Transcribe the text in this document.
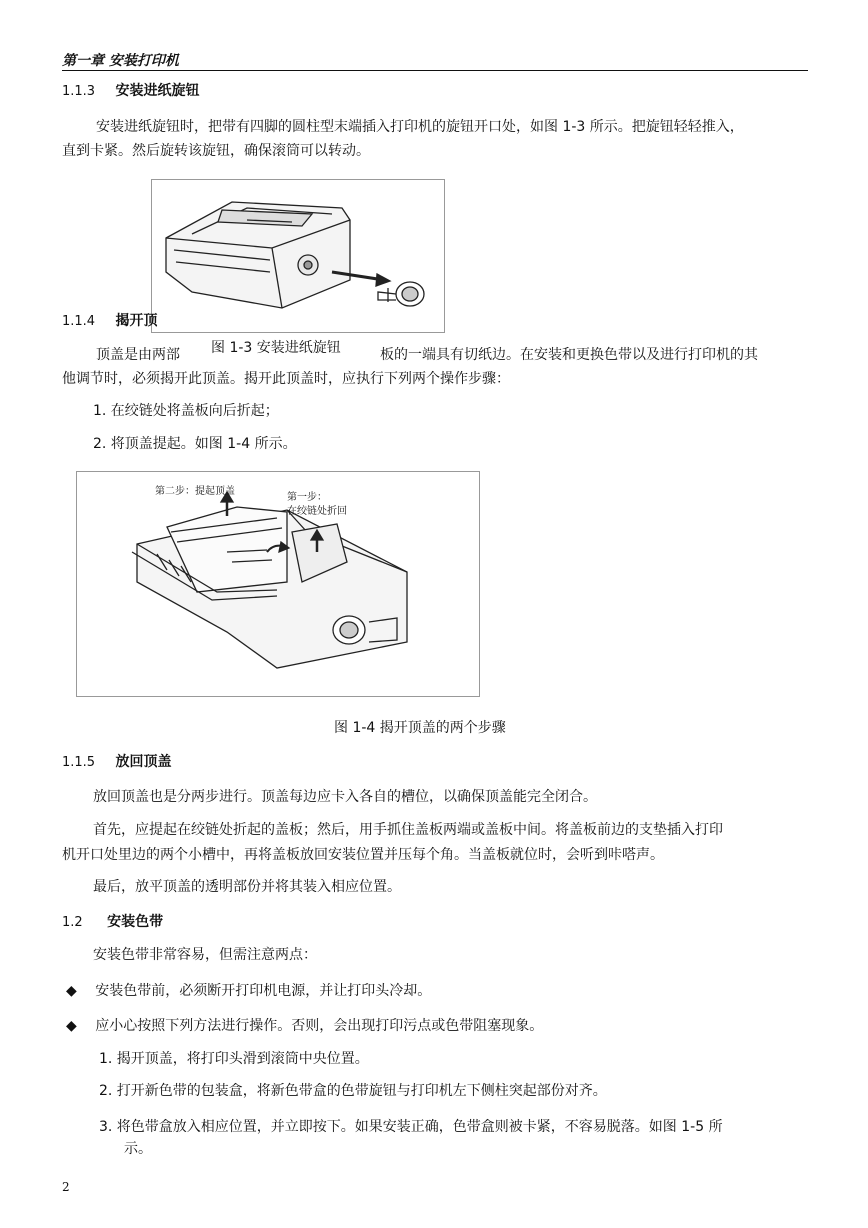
第一章 安装打印机
1.1.3 安装进纸旋钮
安装进纸旋钮时，把带有四脚的圆柱型末端插入打印机的旋钮开口处，如图 1-3 所示。把旋钮轻轻推入，
直到卡紧。然后旋转该旋钮，确保滚筒可以转动。
1.1.4 揭开顶
顶盖是由两部	板的一端具有切纸边。在安装和更换色带以及进行打印机的其
他调节时，必须揭开此顶盖。揭开此顶盖时，应执行下列两个操作步骤：
图 1-3 安装进纸旋钮
1. 在绞链处将盖板向后折起；
2. 将顶盖提起。如图 1-4 所示。
第二步：提起顶盖
第一步：
在绞链处折回
图 1-4 揭开顶盖的两个步骤
1.1.5 放回顶盖
放回顶盖也是分两步进行。顶盖每边应卡入各自的槽位，以确保顶盖能完全闭合。
首先，应提起在绞链处折起的盖板；然后，用手抓住盖板两端或盖板中间。将盖板前边的支垫插入打印
机开口处里边的两个小槽中，再将盖板放回安装位置并压每个角。当盖板就位时，会听到咔嗒声。
最后，放平顶盖的透明部份并将其装入相应位置。
1.2 安装色带
安装色带非常容易，但需注意两点：
◆ 安装色带前，必须断开打印机电源，并让打印头冷却。
◆ 应小心按照下列方法进行操作。否则，会出现打印污点或色带阻塞现象。
1. 揭开顶盖，将打印头滑到滚筒中央位置。
2. 打开新色带的包装盒，将新色带盒的色带旋钮与打印机左下侧柱突起部份对齐。
3. 将色带盒放入相应位置，并立即按下。如果安装正确，色带盒则被卡紧，不容易脱落。如图 1-5 所
示。
2
